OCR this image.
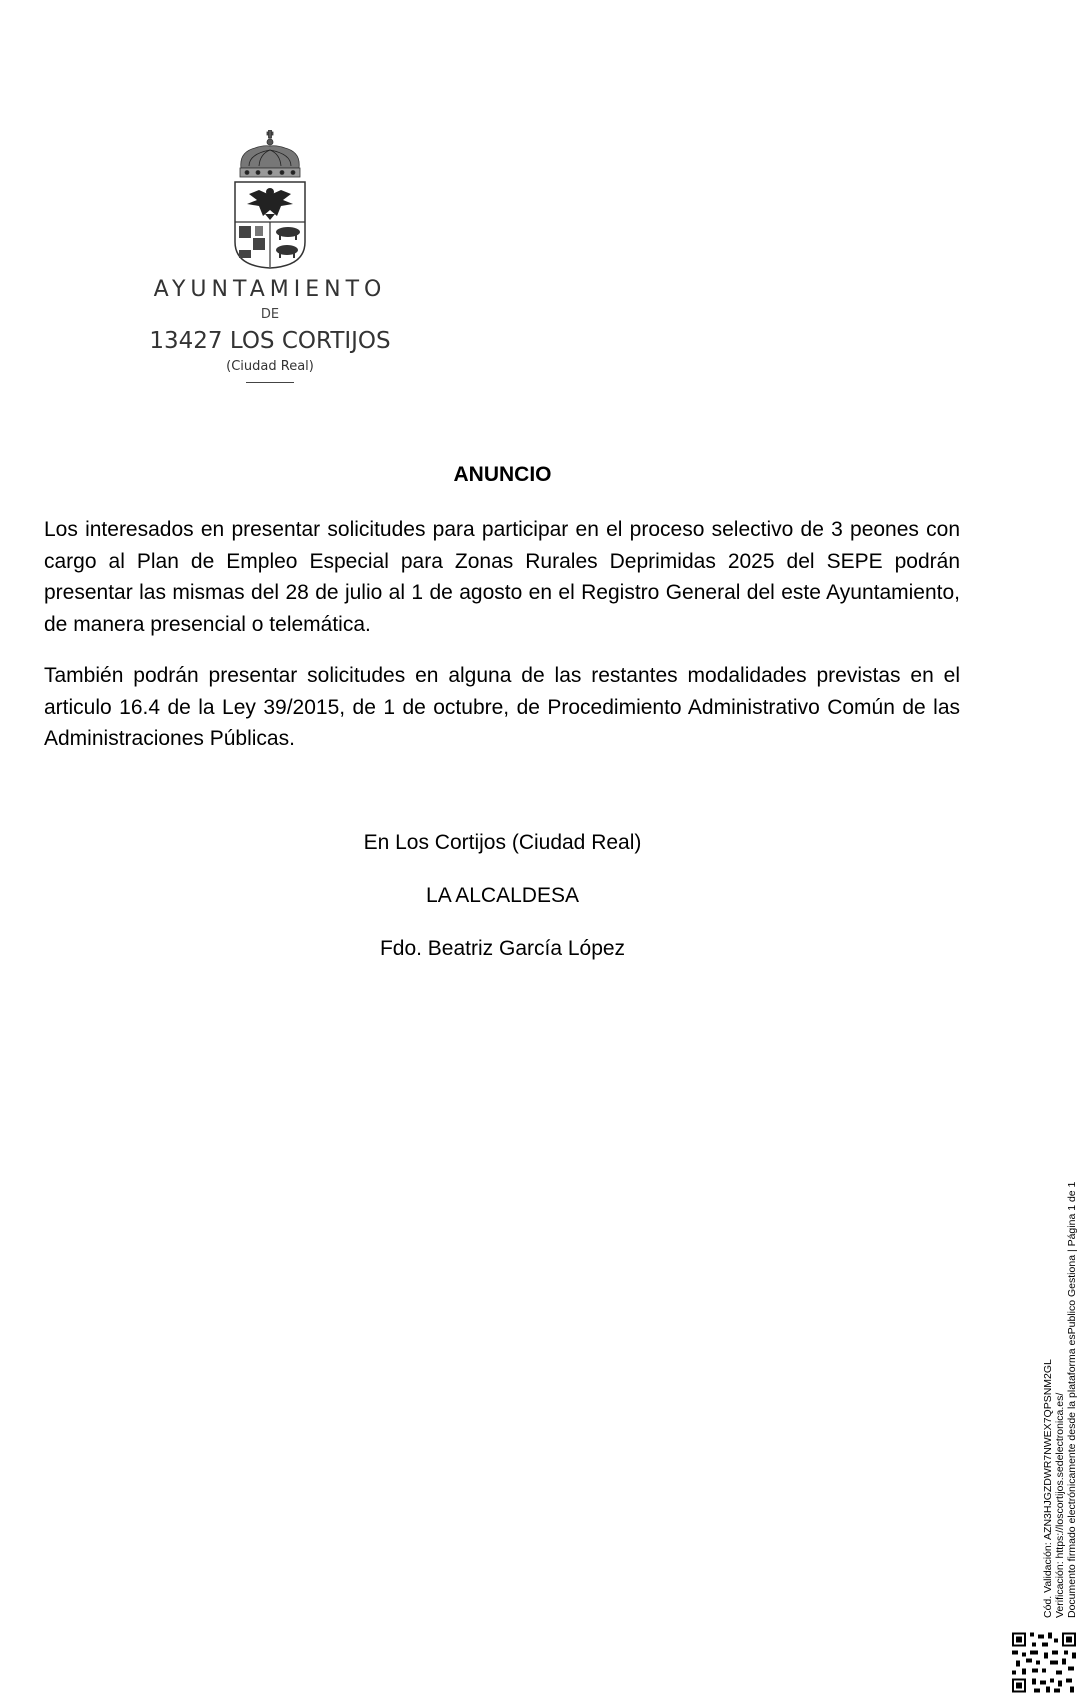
AYUNTAMIENTO
DE
13427 LOS CORTIJOS
(Ciudad Real)
ANUNCIO

Los interesados en presentar solicitudes para participar en el proceso selectivo de 3 peones con cargo al Plan de Empleo Especial para Zonas Rurales Deprimidas 2025 del SEPE podrán presentar las mismas del 28 de julio al 1 de agosto en el Registro General del este Ayuntamiento, de manera presencial o telemática.

También podrán presentar solicitudes en alguna de las restantes modalidades previstas en el articulo 16.4 de la Ley 39/2015, de 1 de octubre, de Procedimiento Administrativo Común de las Administraciones Públicas.

En Los Cortijos (Ciudad Real)
LA ALCALDESA
Fdo. Beatriz García López
Cód. Validación: AZN3HJGZDWR7NWEX7QPSNM2GL Verificación: https://loscortijos.sedelectronica.es/ Documento firmado electrónicamente desde la plataforma esPublico Gestiona | Página 1 de 1
